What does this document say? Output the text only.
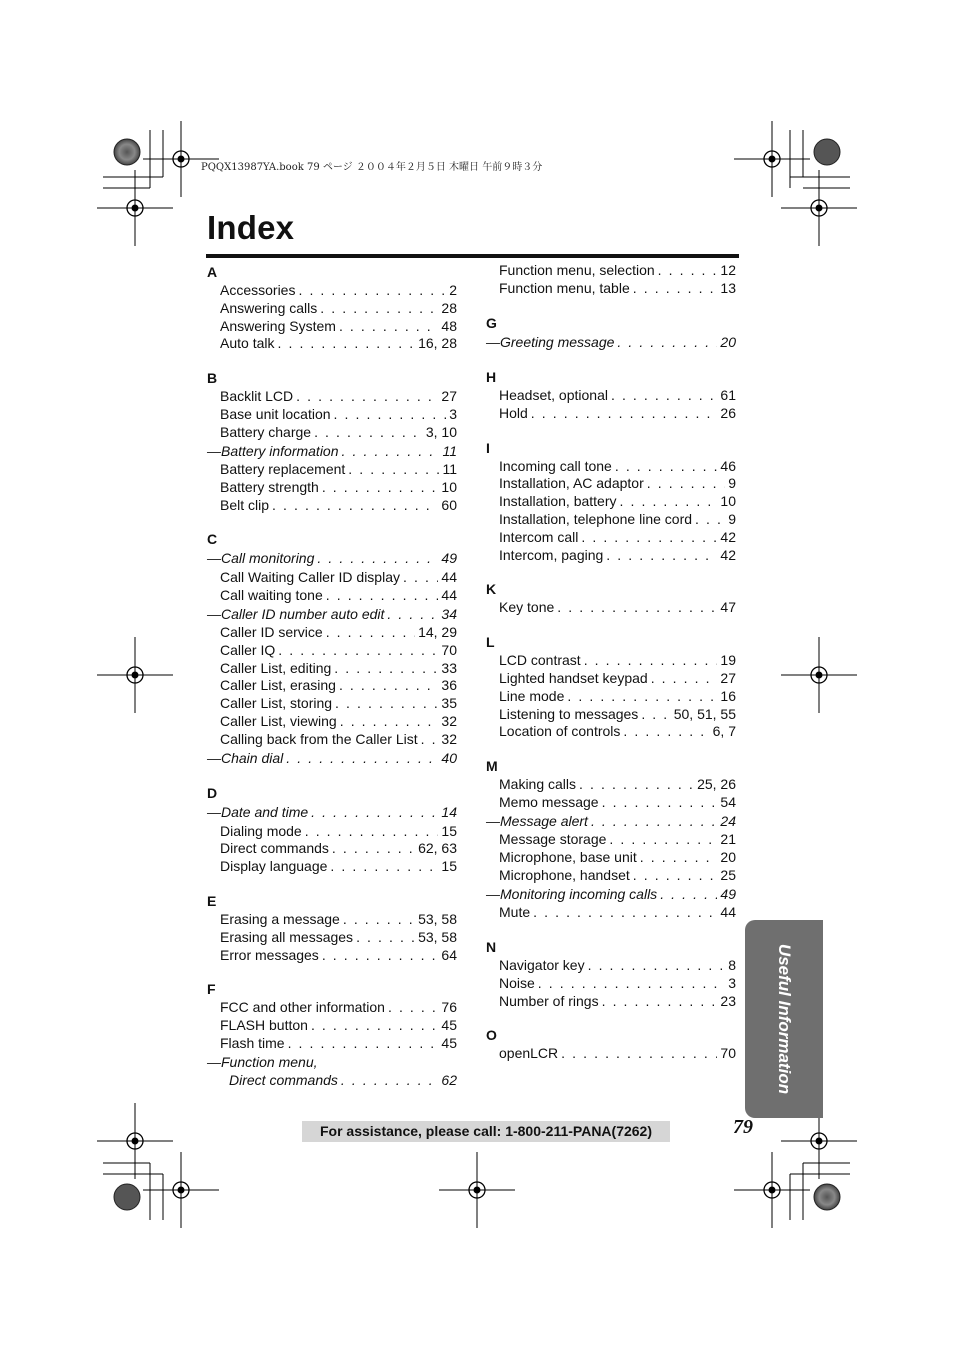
PQQX13987YA.book 79 ページ ２００４年２月５日 木曜日 午前９時３分
Index
A
Accessories . . .	2
Answering calls . . .	28
Answering System . . .	48
Auto talk . . .	16, 28
B
Backlit LCD . . .	27
Base unit location . . .	3
Battery charge . . .	3, 10
—Battery information . . .	11
Battery replacement . . .	11
Battery strength . . .	10
Belt clip . . .	60
C
—Call monitoring . . .	49
Call Waiting Caller ID display . . .	44
Call waiting tone . . .	44
—Caller ID number auto edit . . .	34
Caller ID service . . .	14, 29
Caller IQ . . .	70
Caller List, editing . . .	33
Caller List, erasing . . .	36
Caller List, storing . . .	35
Caller List, viewing . . .	32
Calling back from the Caller List . . . 32
—Chain dial . . .	40
D
—Date and time . . .	14
Dialing mode . . .	15
Direct commands . . .	62, 63
Display language . . .	15
E
Erasing a message . . .	53, 58
Erasing all messages . . .	53, 58
Error messages . . .	64
F
FCC and other information . . .	76
FLASH button . . .	45
Flash time . . .	45
—Function menu,
Direct commands . . .	62
Function menu, selection . . .	12
Function menu, table . . .	13
G
—Greeting message . . .	20
H
Headset, optional . . .	61
Hold . . .	26
I
Incoming call tone . . .	46
Installation, AC adaptor . . .	9
Installation, battery . . .	10
Installation, telephone line cord . . .	9
Intercom call . . .	42
Intercom, paging . . .	42
K
Key tone . . .	47
L
LCD contrast . . .	19
Lighted handset keypad . . .	27
Line mode . . .	16
Listening to messages . . .	50, 51, 55
Location of controls . . .	6, 7
M
Making calls . . .	25, 26
Memo message . . .	54
—Message alert . . .	24
Message storage . . .	21
Microphone, base unit . . .	20
Microphone, handset . . .	25
—Monitoring incoming calls . . .	49
Mute . . .	44
N
Navigator key . . .	8
Noise . . .	3
Number of rings . . .	23
O
openLCR . . .	70 Useful Information
For assistance, please call: 1-800-211-PANA(7262)	79
